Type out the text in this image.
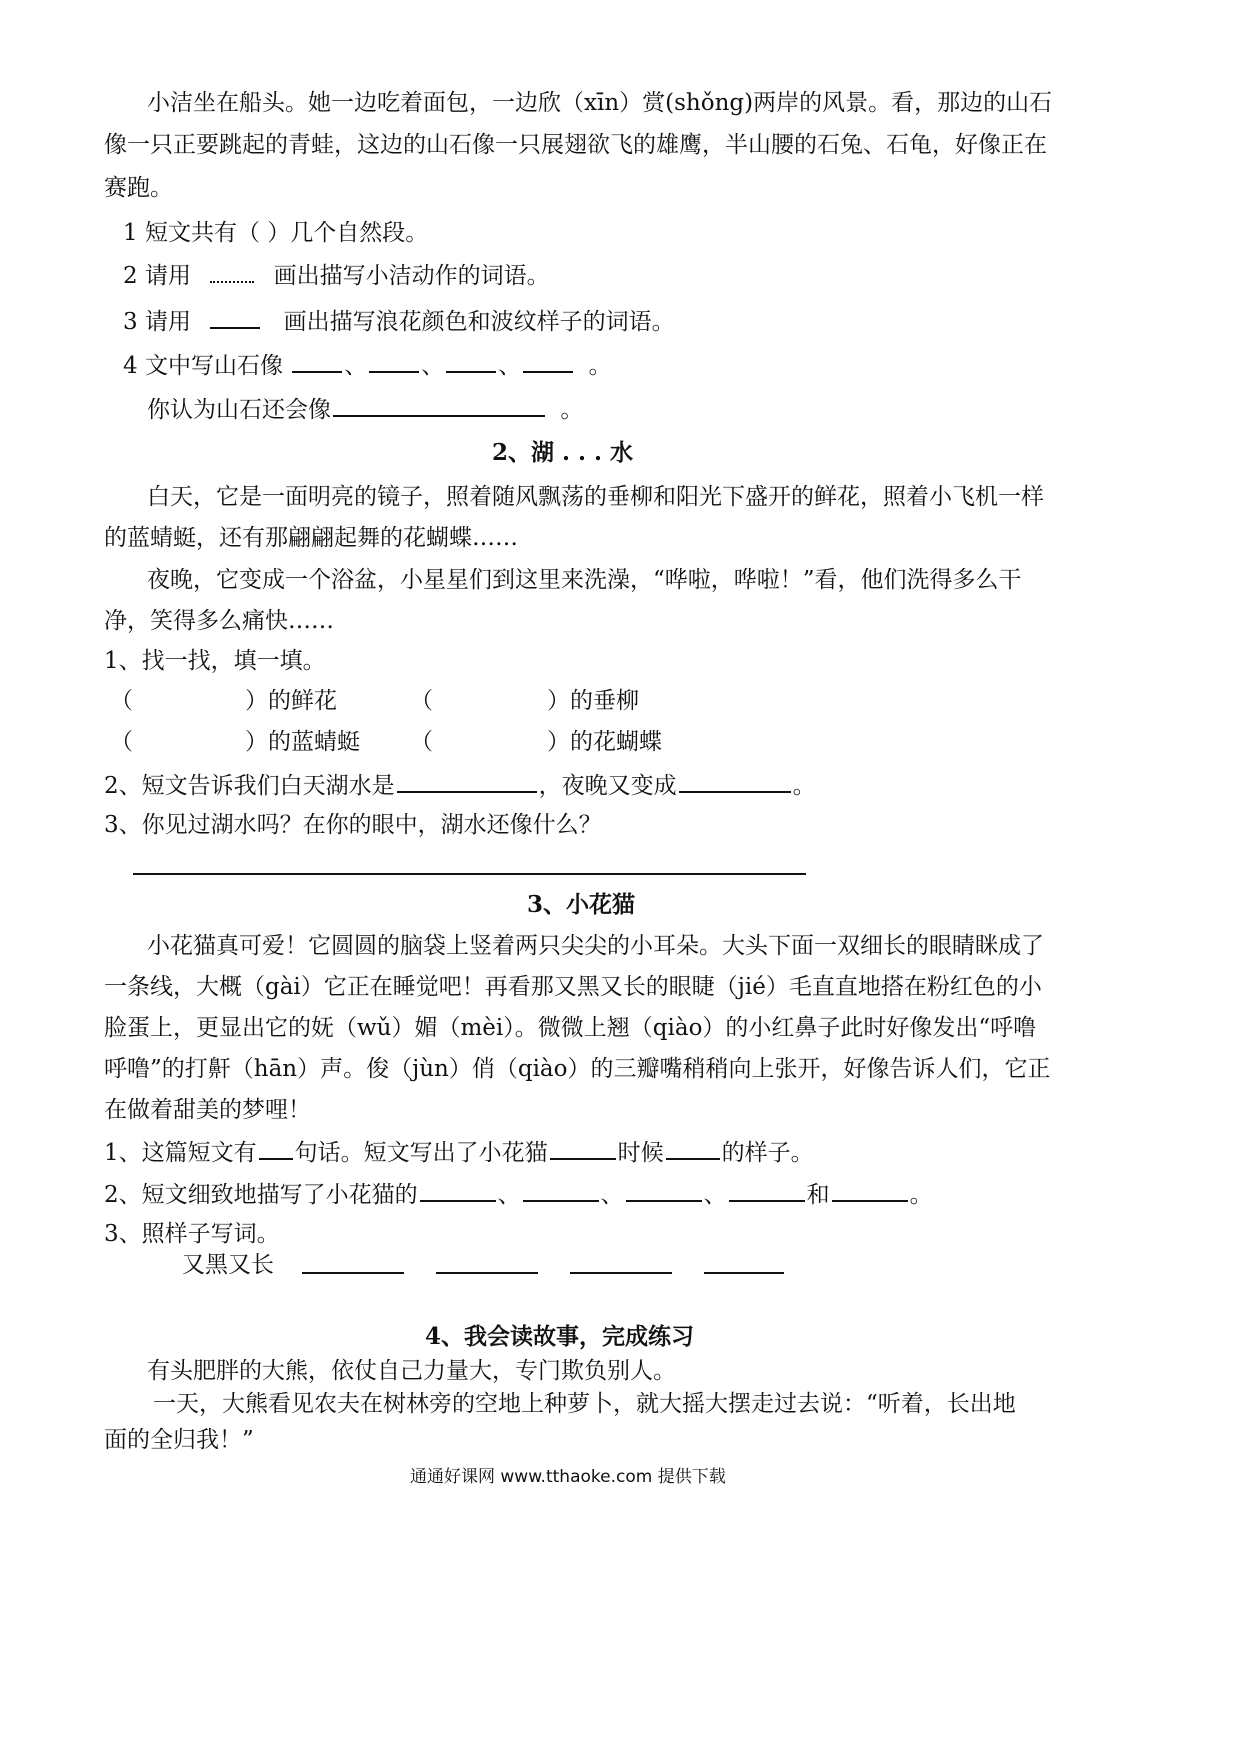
小洁坐在船头。她一边吃着面包，一边欣（xīn）赏(shǒng)两岸的风景。看，那边的山石
像一只正要跳起的青蛙，这边的山石像一只展翅欲飞的雄鹰，半山腰的石兔、石龟，好像正在
赛跑。
1 短文共有（ ）几个自然段。
2 请用	画出描写小洁动作的词语。
3 请用	画出描写浪花颜色和波纹样子的词语。
4 文中写山石像	、 、 、	。
你认为山石还会像	。
2、湖 . . . 水
白天，它是一面明亮的镜子，照着随风飘荡的垂柳和阳光下盛开的鲜花，照着小飞机一样
的蓝蜻蜓，还有那翩翩起舞的花蝴蝶……
夜晚，它变成一个浴盆，小星星们到这里来洗澡，“哗啦，哗啦！”看，他们洗得多么干
净，笑得多么痛快……
1、找一找，填一填。
（	）的鲜花	（	）的垂柳
（	）的蓝蜻蜓 （	）的花蝴蝶
2、短文告诉我们白天湖水是	，夜晚又变成	。
3、你见过湖水吗？在你的眼中，湖水还像什么？
3、小花猫
小花猫真可爱！它圆圆的脑袋上竖着两只尖尖的小耳朵。大头下面一双细长的眼睛眯成了
一条线，大概（gài）它正在睡觉吧！再看那又黑又长的眼睫（jié）毛直直地搭在粉红色的小
脸蛋上，更显出它的妩（wǔ）媚（mèi）。微微上翘（qiào）的小红鼻子此时好像发出“呼噜
呼噜”的打鼾（hān）声。俊（jùn）俏（qiào）的三瓣嘴稍稍向上张开，好像告诉人们，它正
在做着甜美的梦哩！
1、这篇短文有 句话。短文写出了小花猫	时候	的样子。
2、短文细致地描写了小花猫的	、	、	、	和	。
3、照样子写词。
又黑又长
4、我会读故事，完成练习
有头肥胖的大熊，依仗自己力量大，专门欺负别人。
一天，大熊看见农夫在树林旁的空地上种萝卜，就大摇大摆走过去说：“听着，长出地
面的全归我！”
通通好课网 www.tthaoke.com 提供下载
